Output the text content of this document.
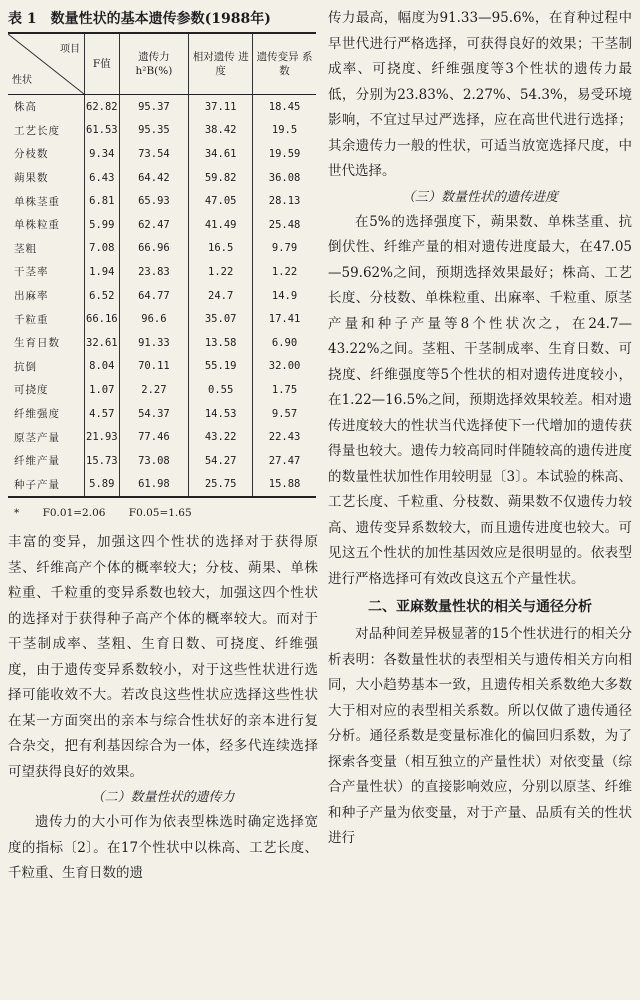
表 1 数量性状的基本遗传参数(1988年)
项目
性状	F值	遗传力 h²B(%)	相对遗传 进度	遗传变异 系数
株高	62.82	95.37	37.11	18.45
工艺长度	61.53	95.35	38.42	19.5
分枝数	9.34	73.54	34.61	19.59
蒴果数	6.43	64.42	59.82	36.08
单株茎重	6.81	65.93	47.05	28.13
单株粒重	5.99	62.47	41.49	25.48
茎粗	7.08	66.96	16.5	9.79
干茎率	1.94	23.83	1.22	1.22
出麻率	6.52	64.77	24.7	14.9
千粒重	66.16	96.6	35.07	17.41
生育日数	32.61	91.33	13.58	6.90
抗倒	8.04	70.11	55.19	32.00
可挠度	1.07	2.27	0.55	1.75
纤维强度	4.57	54.37	14.53	9.57
原茎产量	21.93	77.46	43.22	22.43
纤维产量	15.73	73.08	54.27	27.47
种子产量	5.89	61.98	25.75	15.88
* F0.01=2.06 F0.05=1.65

丰富的变异，加强这四个性状的选择对于获得原茎、纤维高产个体的概率较大；分枝、蒴果、单株粒重、千粒重的变异系数也较大，加强这四个性状的选择对于获得种子高产个体的概率较大。而对于干茎制成率、茎粗、生育日数、可挠度、纤维强度，由于遗传变异系数较小，对于这些性状进行选择可能收效不大。若改良这些性状应选择这些性状在某一方面突出的亲本与综合性状好的亲本进行复合杂交，把有利基因综合为一体，经多代连续选择可望获得良好的效果。

（二）数量性状的遗传力

遗传力的大小可作为依表型株选时确定选择宽度的指标〔2〕。在17个性状中以株高、工艺长度、千粒重、生育日数的遗

传力最高，幅度为91.33—95.6%，在育种过程中早世代进行严格选择，可获得良好的效果；干茎制成率、可挠度、纤维强度等3个性状的遗传力最低，分别为23.83%、2.27%、54.3%，易受环境影响，不宜过早过严选择，应在高世代进行选择；其余遗传力一般的性状，可适当放宽选择尺度，中世代选择。

（三）数量性状的遗传进度

在5%的选择强度下，蒴果数、单株茎重、抗倒伏性、纤维产量的相对遗传进度最大，在47.05—59.62%之间，预期选择效果最好；株高、工艺长度、分枝数、单株粒重、出麻率、千粒重、原茎产量和种子产量等8个性状次之，在24.7—43.22%之间。茎粗、干茎制成率、生育日数、可挠度、纤维强度等5个性状的相对遗传进度较小，在1.22—16.5%之间，预期选择效果较差。相对遗传进度较大的性状当代选择使下一代增加的遗传获得量也较大。遗传力较高同时伴随较高的遗传进度的数量性状加性作用较明显〔3〕。本试验的株高、工艺长度、千粒重、分枝数、蒴果数不仅遗传力较高、遗传变异系数较大，而且遗传进度也较大。可见这五个性状的加性基因效应是很明显的。依表型进行严格选择可有效改良这五个产量性状。

二、亚麻数量性状的相关与通径分析

对品种间差异极显著的15个性状进行的相关分析表明：各数量性状的表型相关与遗传相关方向相同，大小趋势基本一致，且遗传相关系数绝大多数大于相对应的表型相关系数。所以仅做了遗传通径分析。通径系数是变量标准化的偏回归系数，为了探索各变量（相互独立的产量性状）对依变量（综合产量性状）的直接影响效应，分别以原茎、纤维和种子产量为依变量，对于产量、品质有关的性状进行
